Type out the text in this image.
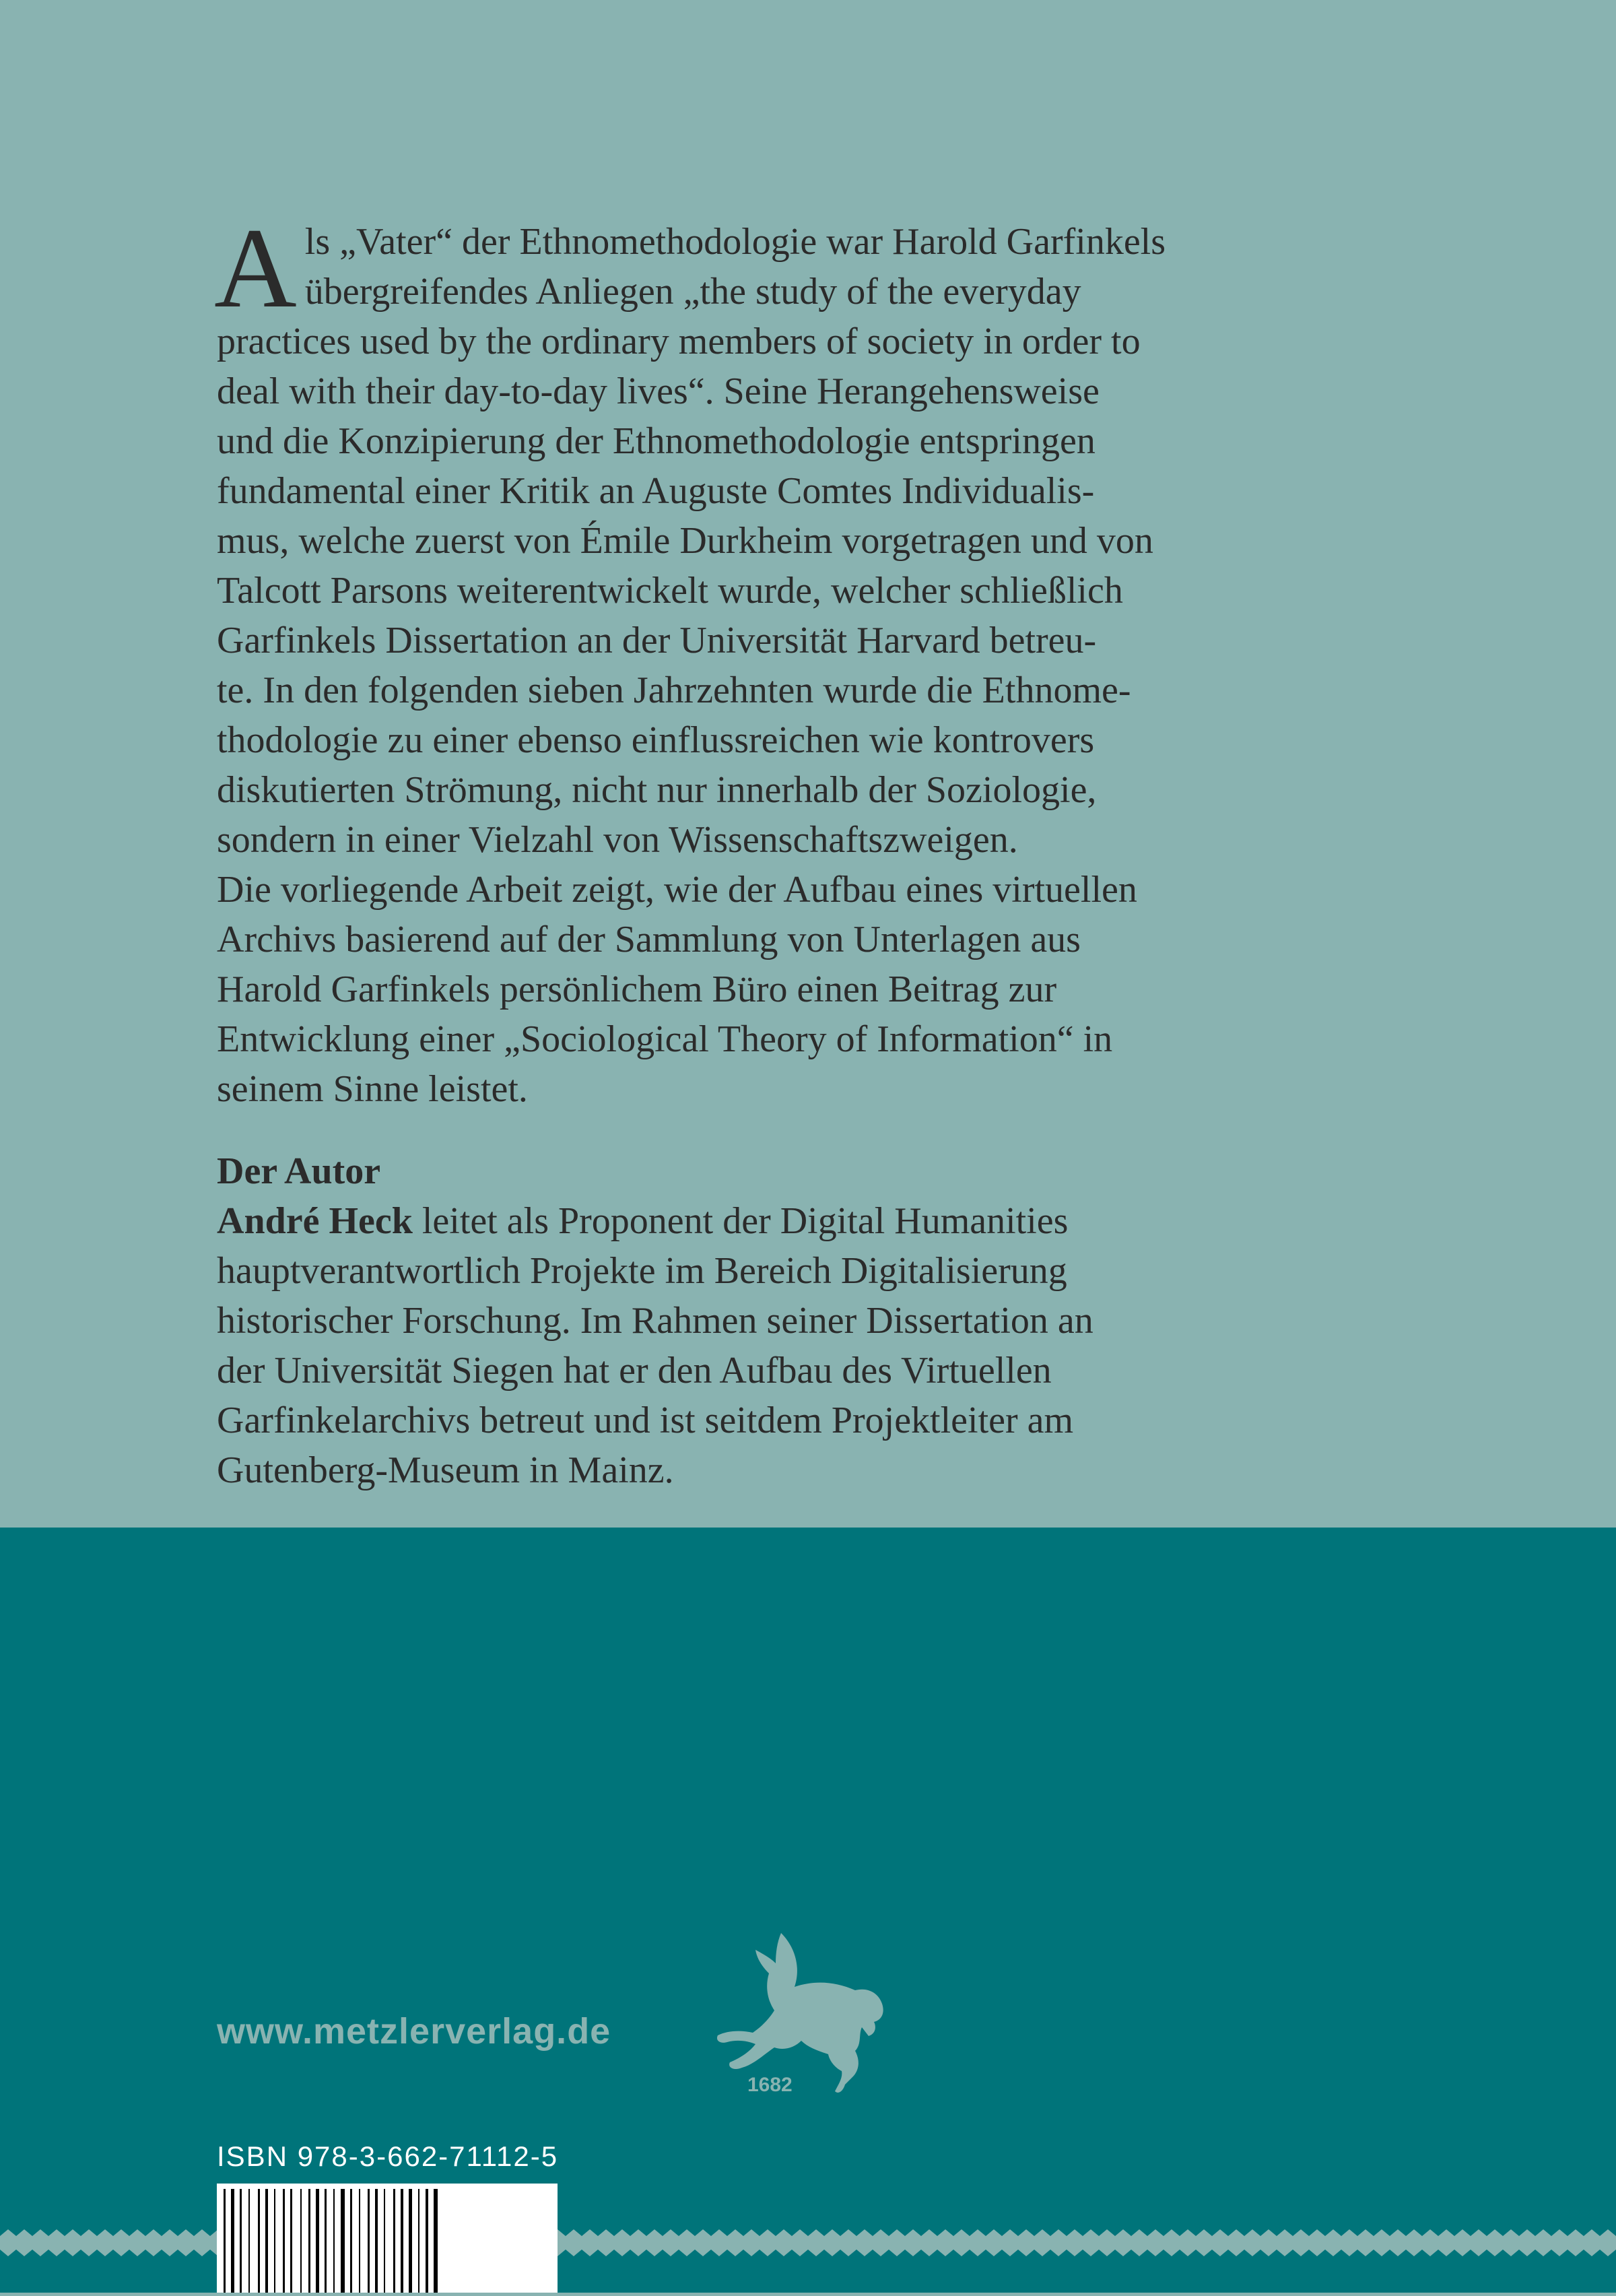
A ls „Vater“ der Ethnomethodologie war Harold Garfinkels
übergreifendes Anliegen „the study of the everyday
practices used by the ordinary members of society in order to
deal with their day-to-day lives“. Seine Herangehensweise
und die Konzipierung der Ethnomethodologie entspringen
fundamental einer Kritik an Auguste Comtes Individualis-
mus, welche zuerst von Émile Durkheim vorgetragen und von
Talcott Parsons weiterentwickelt wurde, welcher schließlich
Garfinkels Dissertation an der Universität Harvard betreu-
te. In den folgenden sieben Jahrzehnten wurde die Ethnome-
thodologie zu einer ebenso einflussreichen wie kontrovers
diskutierten Strömung, nicht nur innerhalb der Soziologie,
sondern in einer Vielzahl von Wissenschaftszweigen.
Die vorliegende Arbeit zeigt, wie der Aufbau eines virtuellen
Archivs basierend auf der Sammlung von Unterlagen aus
Harold Garfinkels persönlichem Büro einen Beitrag zur
Entwicklung einer „Sociological Theory of Information“ in
seinem Sinne leistet.
Der Autor
André Heck leitet als Proponent der Digital Humanities
hauptverantwortlich Projekte im Bereich Digitalisierung
historischer Forschung. Im Rahmen seiner Dissertation an
der Universität Siegen hat er den Aufbau des Virtuellen
Garfinkelarchivs betreut und ist seitdem Projektleiter am
Gutenberg-Museum in Mainz.
www.metzlerverlag.de
1682
ISBN 978-3-662-71112-5
